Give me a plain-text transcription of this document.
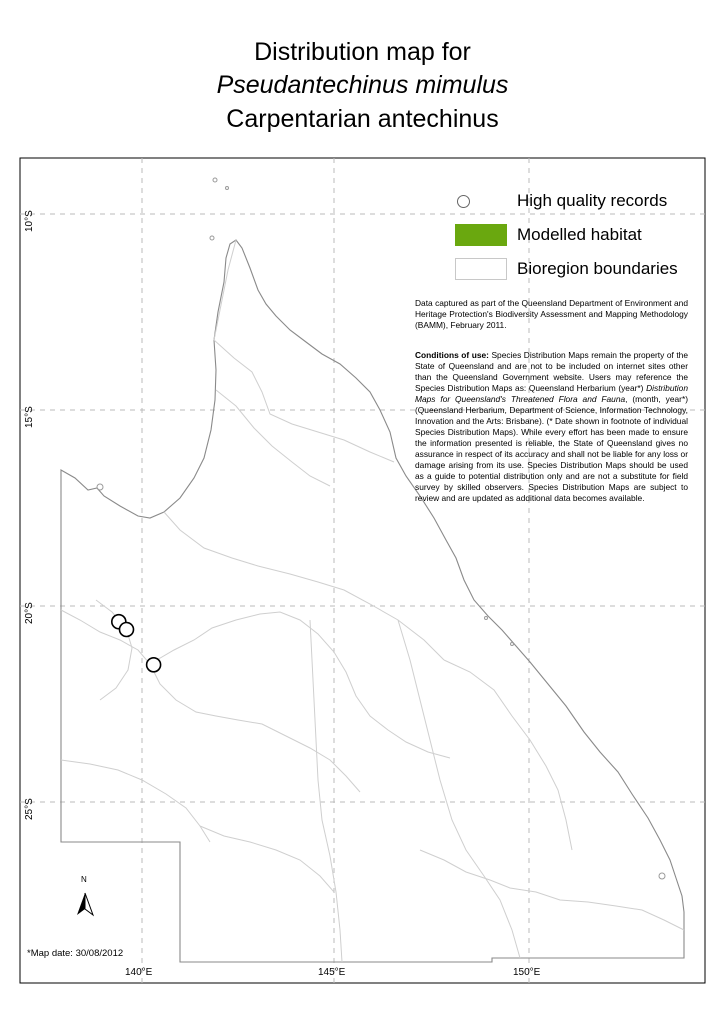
Distribution map for
Pseudantechinus mimulus
Carpentarian antechinus
N
High quality records
Modelled habitat
Bioregion boundaries
Data captured as part of the Queensland Department of Environment and Heritage Protection's Biodiversity Assessment and Mapping Methodology (BAMM), February 2011.
Conditions of use: Species Distribution Maps remain the property of the State of Queensland and are not to be included on internet sites other than the Queensland Government website. Users may reference the Species Distribution Maps as: Queensland Herbarium (year*) Distribution Maps for Queensland's Threatened Flora and Fauna, (month, year*) (Queensland Herbarium, Department of Science, Information Technology, Innovation and the Arts: Brisbane). (* Date shown in footnote of individual Species Distribution Maps). While every effort has been made to ensure the information presented is reliable, the State of Queensland gives no assurance in respect of its accuracy and shall not be liable for any loss or damage arising from its use. Species Distribution Maps should be used as a guide to potential distribution only and are not a substitute for field survey by skilled observers. Species Distribution Maps are subject to review and are updated as additional data becomes available.
*Map date: 30/08/2012
140°E	145°E	150°E
10°S
15°S
20°S
25°S
